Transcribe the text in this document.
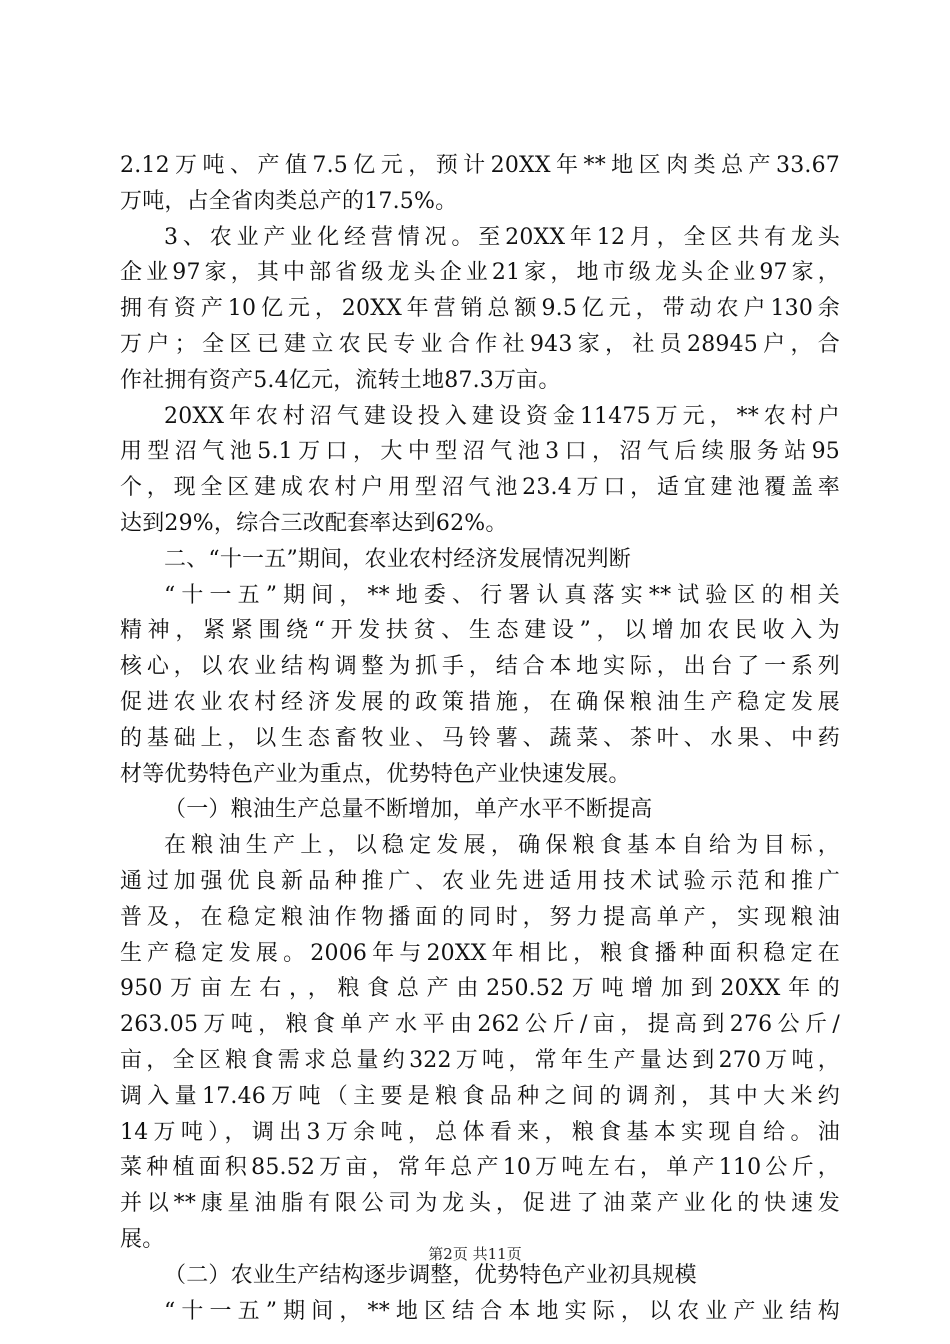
2.12万吨、产值7.5亿元，预计20XX年**地区肉类总产33.67
万吨，占全省肉类总产的17.5%。
3、农业产业化经营情况。至20XX年12月，全区共有龙头
企业97家，其中部省级龙头企业21家，地市级龙头企业97家，
拥有资产10亿元，20XX年营销总额9.5亿元，带动农户130余
万户；全区已建立农民专业合作社943家，社员28945户，合
作社拥有资产5.4亿元，流转土地87.3万亩。
20XX年农村沼气建设投入建设资金11475万元，**农村户
用型沼气池5.1万口，大中型沼气池3口，沼气后续服务站95
个，现全区建成农村户用型沼气池23.4万口，适宜建池覆盖率
达到29%，综合三改配套率达到62%。
二、“十一五”期间，农业农村经济发展情况判断
“十一五”期间，**地委、行署认真落实**试验区的相关
精神，紧紧围绕“开发扶贫、生态建设”，以增加农民收入为
核心，以农业结构调整为抓手，结合本地实际，出台了一系列
促进农业农村经济发展的政策措施，在确保粮油生产稳定发展
的基础上，以生态畜牧业、马铃薯、蔬菜、茶叶、水果、中药
材等优势特色产业为重点，优势特色产业快速发展。
（一）粮油生产总量不断增加，单产水平不断提高
在粮油生产上，以稳定发展，确保粮食基本自给为目标，
通过加强优良新品种推广、农业先进适用技术试验示范和推广
普及，在稳定粮油作物播面的同时，努力提高单产，实现粮油
生产稳定发展。2006年与20XX年相比，粮食播种面积稳定在
950万亩左右，，粮食总产由250.52万吨增加到20XX年的
263.05万吨，粮食单产水平由262公斤/亩，提高到276公斤/
亩，全区粮食需求总量约322万吨，常年生产量达到270万吨，
调入量17.46万吨（主要是粮食品种之间的调剂，其中大米约
14万吨），调出3万余吨，总体看来，粮食基本实现自给。油
菜种植面积85.52万亩，常年总产10万吨左右，单产110公斤，
并以**康星油脂有限公司为龙头，促进了油菜产业化的快速发
展。
（二）农业生产结构逐步调整，优势特色产业初具规模
“十一五”期间，**地区结合本地实际，以农业产业结构
第2页 共11页
